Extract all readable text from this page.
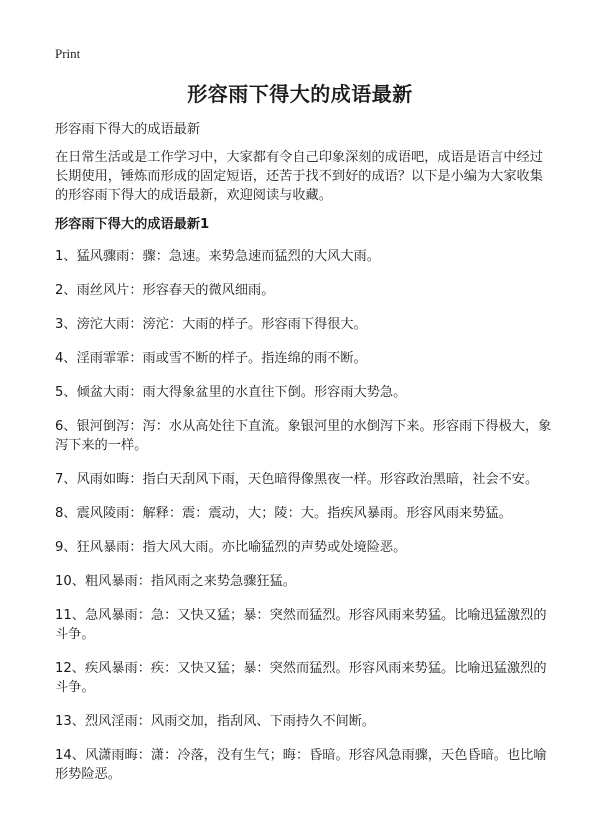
Print
形容雨下得大的成语最新

形容雨下得大的成语最新

在日常生活或是工作学习中，大家都有令自己印象深刻的成语吧，成语是语言中经过长期使用，锤炼而形成的固定短语，还苦于找不到好的成语？以下是小编为大家收集的形容雨下得大的成语最新，欢迎阅读与收藏。

形容雨下得大的成语最新1

1、猛风骤雨：骤：急速。来势急速而猛烈的大风大雨。
2、雨丝风片：形容春天的微风细雨。
3、滂沱大雨：滂沱：大雨的样子。形容雨下得很大。
4、淫雨霏霏：雨或雪不断的样子。指连绵的雨不断。
5、倾盆大雨：雨大得象盆里的水直往下倒。形容雨大势急。
6、银河倒泻：泻：水从高处往下直流。象银河里的水倒泻下来。形容雨下得极大，象泻下来的一样。
7、风雨如晦：指白天刮风下雨，天色暗得像黑夜一样。形容政治黑暗，社会不安。
8、震风陵雨：解释：震：震动，大；陵：大。指疾风暴雨。形容风雨来势猛。
9、狂风暴雨：指大风大雨。亦比喻猛烈的声势或处境险恶。
10、粗风暴雨：指风雨之来势急骤狂猛。
11、急风暴雨：急：又快又猛；暴：突然而猛烈。形容风雨来势猛。比喻迅猛激烈的斗争。
12、疾风暴雨：疾：又快又猛；暴：突然而猛烈。形容风雨来势猛。比喻迅猛激烈的斗争。
13、烈风淫雨：风雨交加，指刮风、下雨持久不间断。
14、风潇雨晦：潇：冷落，没有生气；晦：昏暗。形容风急雨骤，天色昏暗。也比喻形势险恶。
